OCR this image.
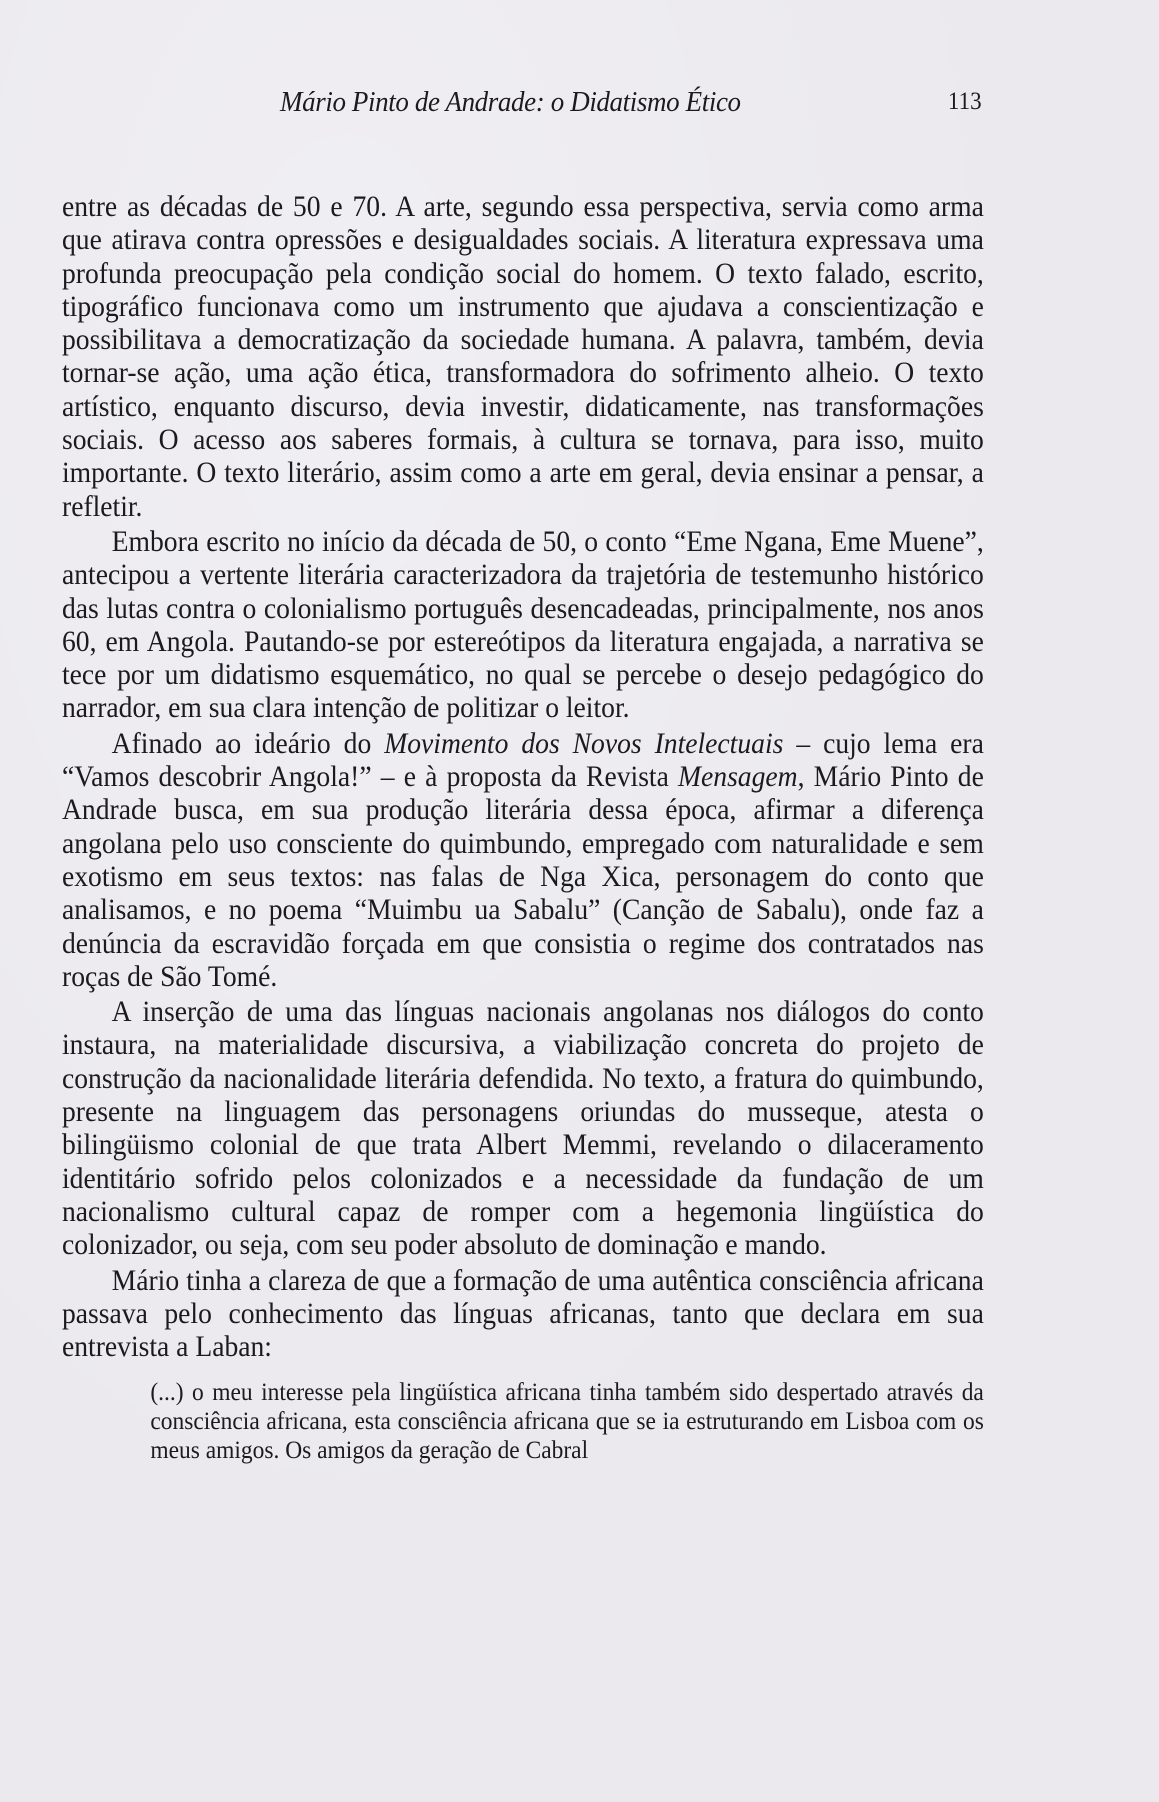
Mário Pinto de Andrade: o Didatismo Ético	113

entre as décadas de 50 e 70. A arte, segundo essa perspectiva, servia como arma que atirava contra opressões e desigualdades sociais. A literatura expressava uma profunda preocupação pela condição social do homem. O texto falado, escrito, tipográfico funcionava como um instrumento que ajudava a conscientização e possibilitava a democratização da sociedade humana. A palavra, também, devia tornar-se ação, uma ação ética, transformadora do sofrimento alheio. O texto artístico, enquanto discurso, devia investir, didaticamente, nas transformações sociais. O acesso aos saberes formais, à cultura se tornava, para isso, muito importante. O texto literário, assim como a arte em geral, devia ensinar a pensar, a refletir.

Embora escrito no início da década de 50, o conto “Eme Ngana, Eme Muene”, antecipou a vertente literária caracterizadora da trajetória de testemunho histórico das lutas contra o colonialismo português desencadeadas, principalmente, nos anos 60, em Angola. Pautando-se por estereótipos da literatura engajada, a narrativa se tece por um didatismo esquemático, no qual se percebe o desejo pedagógico do narrador, em sua clara intenção de politizar o leitor.

Afinado ao ideário do Movimento dos Novos Intelectuais – cujo lema era “Vamos descobrir Angola!” – e à proposta da Revista Mensagem, Mário Pinto de Andrade busca, em sua produção literária dessa época, afirmar a diferença angolana pelo uso consciente do quimbundo, empregado com naturalidade e sem exotismo em seus textos: nas falas de Nga Xica, personagem do conto que analisamos, e no poema “Muimbu ua Sabalu” (Canção de Sabalu), onde faz a denúncia da escravidão forçada em que consistia o regime dos contratados nas roças de São Tomé.

A inserção de uma das línguas nacionais angolanas nos diálogos do conto instaura, na materialidade discursiva, a viabilização concreta do projeto de construção da nacionalidade literária defendida. No texto, a fratura do quimbundo, presente na linguagem das personagens oriundas do musseque, atesta o bilingüismo colonial de que trata Albert Memmi, revelando o dilaceramento identitário sofrido pelos colonizados e a necessidade da fundação de um nacionalismo cultural capaz de romper com a hegemonia lingüística do colonizador, ou seja, com seu poder absoluto de dominação e mando.

Mário tinha a clareza de que a formação de uma autêntica consciência africana passava pelo conhecimento das línguas africanas, tanto que declara em sua entrevista a Laban:

(...) o meu interesse pela lingüística africana tinha também sido despertado através da consciência africana, esta consciência africana que se ia estruturando em Lisboa com os meus amigos. Os amigos da geração de Cabral
